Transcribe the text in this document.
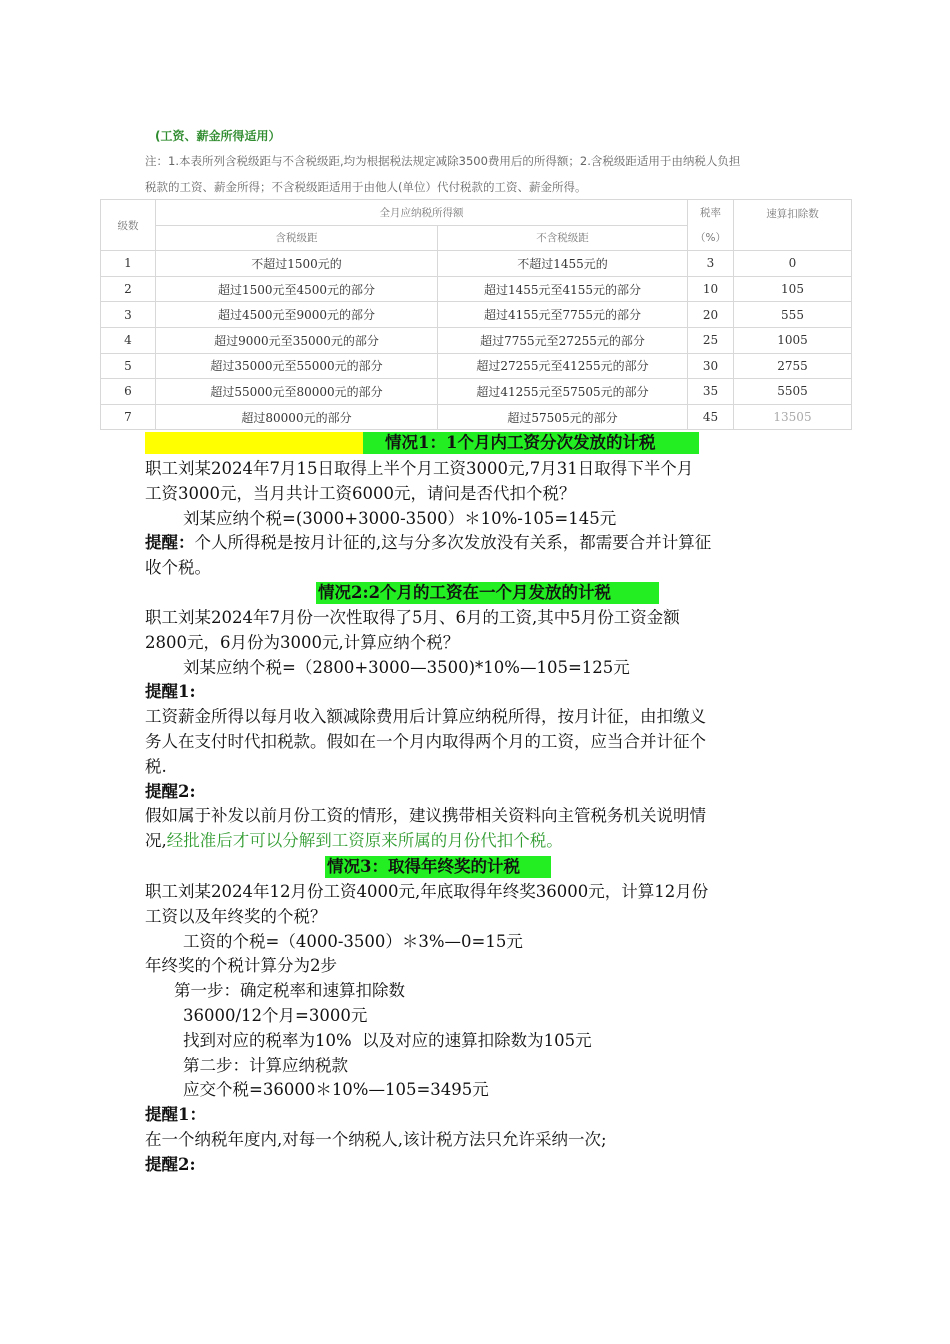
(工资、薪金所得适用）
注：1.本表所列含税级距与不含税级距,均为根据税法规定减除3500费用后的所得额；2.含税级距适用于由纳税人负担
税款的工资、薪金所得；不含税级距适用于由他人(单位）代付税款的工资、薪金所得。
级数	全月应纳税所得额		税率	速算扣除数
	含税级距	不含税级距	（%）	
1	不超过1500元的	不超过1455元的	3	0
2	超过1500元至4500元的部分	超过1455元至4155元的部分	10	105
3	超过4500元至9000元的部分	超过4155元至7755元的部分	20	555
4	超过9000元至35000元的部分	超过7755元至27255元的部分	25	1005
5	超过35000元至55000元的部分	超过27255元至41255元的部分	30	2755
6	超过55000元至80000元的部分	超过41255元至57505元的部分	35	5505
7	超过80000元的部分	超过57505元的部分	45	13505
情况1：1个月内工资分次发放的计税

职工刘某2024年7月15日取得上半个月工资3000元,7月31日取得下半个月

工资3000元，当月共计工资6000元，请问是否代扣个税？

刘某应纳个税=(3000+3000-3500）＊10%-105=145元

提醒：个人所得税是按月计征的,这与分多次发放没有关系，都需要合并计算征

收个税。

情况2:2个月的工资在一个月发放的计税

职工刘某2024年7月份一次性取得了5月、6月的工资,其中5月份工资金额

2800元，6月份为3000元,计算应纳个税？

刘某应纳个税=（2800+3000—3500)*10%—105=125元

提醒1:

工资薪金所得以每月收入额减除费用后计算应纳税所得，按月计征，由扣缴义

务人在支付时代扣税款。假如在一个月内取得两个月的工资，应当合并计征个

税.

提醒2:

假如属于补发以前月份工资的情形，建议携带相关资料向主管税务机关说明情

况,经批准后才可以分解到工资原来所属的月份代扣个税。

情况3：取得年终奖的计税

职工刘某2024年12月份工资4000元,年底取得年终奖36000元，计算12月份

工资以及年终奖的个税？

工资的个税=（4000-3500）＊3%—0=15元

年终奖的个税计算分为2步

第一步：确定税率和速算扣除数

36000/12个月=3000元

找到对应的税率为10%  以及对应的速算扣除数为105元

第二步：计算应纳税款

应交个税=36000＊10%—105=3495元

提醒1：

在一个纳税年度内,对每一个纳税人,该计税方法只允许采纳一次;

提醒2:
